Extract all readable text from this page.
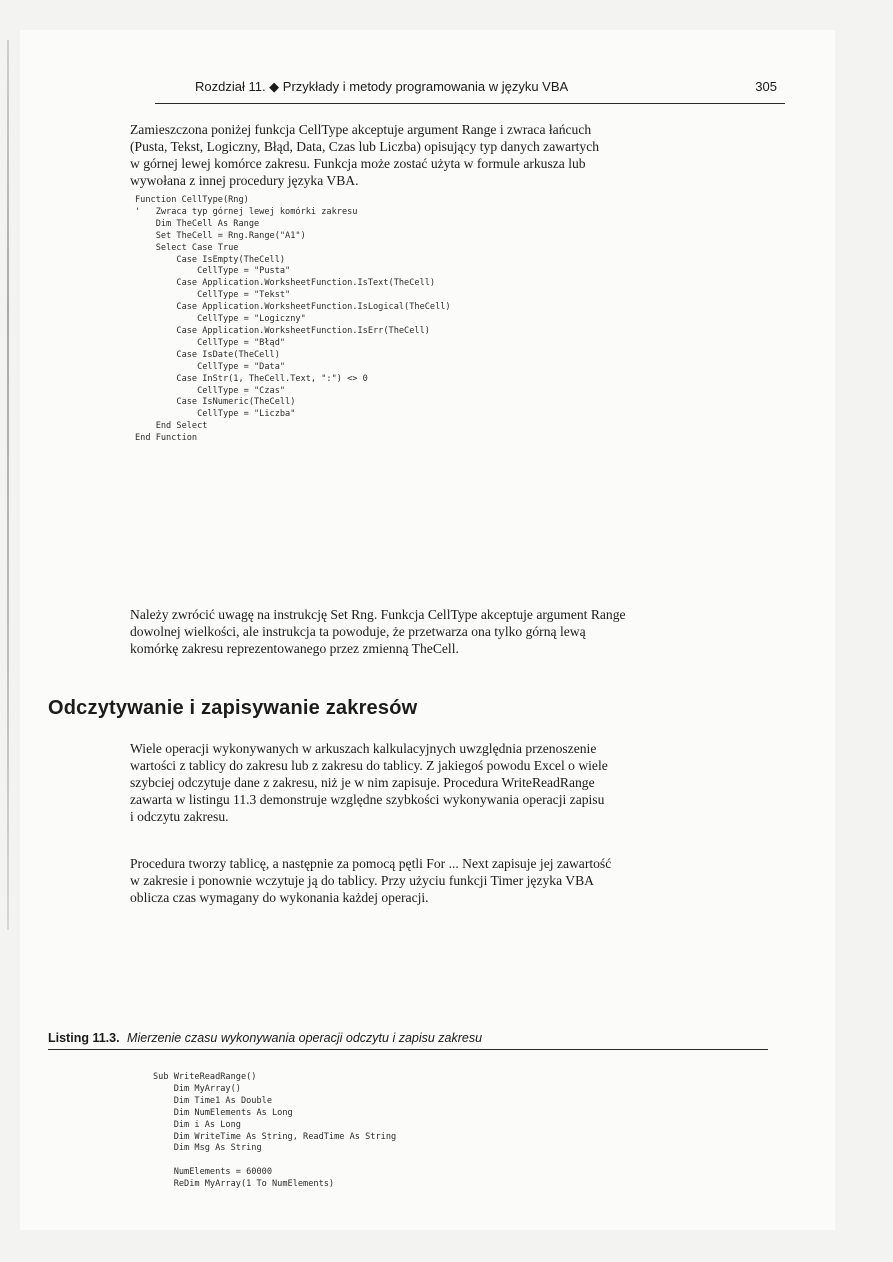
Rozdział 11. ◆ Przykłady i metody programowania w języku VBA	305
Zamieszczona poniżej funkcja CellType akceptuje argument Range i zwraca łańcuch
(Pusta, Tekst, Logiczny, Błąd, Data, Czas lub Liczba) opisujący typ danych zawartych
w górnej lewej komórce zakresu. Funkcja może zostać użyta w formule arkusza lub
wywołana z innej procedury języka VBA.
Function CellType(Rng)
'   Zwraca typ górnej lewej komórki zakresu
Dim TheCell As Range
Set TheCell = Rng.Range("A1")
Select Case True
Case IsEmpty(TheCell)
CellType = "Pusta"
Case Application.WorksheetFunction.IsText(TheCell)
CellType = "Tekst"
Case Application.WorksheetFunction.IsLogical(TheCell)
CellType = "Logiczny"
Case Application.WorksheetFunction.IsErr(TheCell)
CellType = "Błąd"
Case IsDate(TheCell)
CellType = "Data"
Case InStr(1, TheCell.Text, ":") <> 0
CellType = "Czas"
Case IsNumeric(TheCell)
CellType = "Liczba"
End Select
End Function
Należy zwrócić uwagę na instrukcję Set Rng. Funkcja CellType akceptuje argument Range
dowolnej wielkości, ale instrukcja ta powoduje, że przetwarza ona tylko górną lewą
komórkę zakresu reprezentowanego przez zmienną TheCell.
Odczytywanie i zapisywanie zakresów
Wiele operacji wykonywanych w arkuszach kalkulacyjnych uwzględnia przenoszenie
wartości z tablicy do zakresu lub z zakresu do tablicy. Z jakiegoś powodu Excel o wiele
szybciej odczytuje dane z zakresu, niż je w nim zapisuje. Procedura WriteReadRange
zawarta w listingu 11.3 demonstruje względne szybkości wykonywania operacji zapisu
i odczytu zakresu.
Procedura tworzy tablicę, a następnie za pomocą pętli For ... Next zapisuje jej zawartość
w zakresie i ponownie wczytuje ją do tablicy. Przy użyciu funkcji Timer języka VBA
oblicza czas wymagany do wykonania każdej operacji.
Listing 11.3. Mierzenie czasu wykonywania operacji odczytu i zapisu zakresu
Sub WriteReadRange()
Dim MyArray()
Dim Time1 As Double
Dim NumElements As Long
Dim i As Long
Dim WriteTime As String, ReadTime As String
Dim Msg As String

NumElements = 60000
ReDim MyArray(1 To NumElements)
